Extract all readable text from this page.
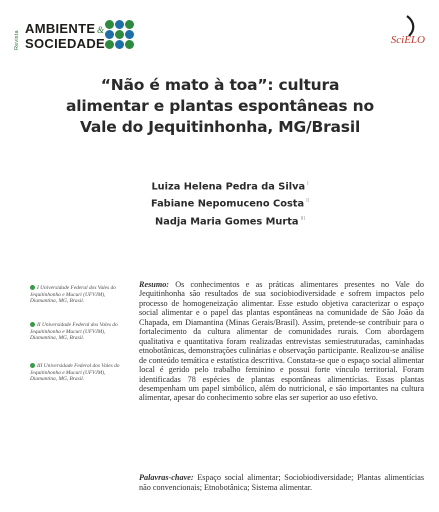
Revista
AMBIENTE &
SOCIEDADE	SciELO
“Não é mato à toa”: cultura alimentar e plantas espontâneas no Vale do Jequitinhonha, MG/Brasil
Luiza Helena Pedra da Silva $^I$
Fabiane Nepomuceno Costa $^{II}$
Nadja Maria Gomes Murta $^{III}$
I Universidade Federal dos Vales do Jequitinhonha e Mucuri (UFVJM), Diamantina, MG, Brasil.
II Universidade Federal dos Vales do Jequitinhonha e Mucuri (UFVJM), Diamantina, MG, Brasil.
III Universidade Federal dos Vales do Jequitinhonha e Mucuri (UFVJM), Diamantina, MG, Brasil.
Resumo: Os conhecimentos e as práticas alimentares presentes no Vale do Jequitinhonha são resultados de sua sociobiodiversidade e sofrem impactos pelo processo de homogeneização alimentar. Esse estudo objetiva caracterizar o espaço social alimentar e o papel das plantas espontâneas na comunidade de São João da Chapada, em Diamantina (Minas Gerais/Brasil). Assim, pretende-se contribuir para o fortalecimento da cultura alimentar de comunidades rurais. Com abordagem qualitativa e quantitativa foram realizadas entrevistas semiestruturadas, caminhadas etnobotânicas, demonstrações culinárias e observação participante. Realizou-se análise de conteúdo temática e estatística descritiva. Constata-se que o espaço social alimentar local é gerido pelo trabalho feminino e possui forte vínculo territorial. Foram identificadas 78 espécies de plantas espontâneas alimentícias. Essas plantas desempenham um papel simbólico, além do nutricional, e são importantes na cultura alimentar, apesar do conhecimento sobre elas ser superior ao uso efetivo.
Palavras-chave: Espaço social alimentar; Sociobiodiversidade; Plantas alimentícias não convencionais; Etnobotânica; Sistema alimentar.
